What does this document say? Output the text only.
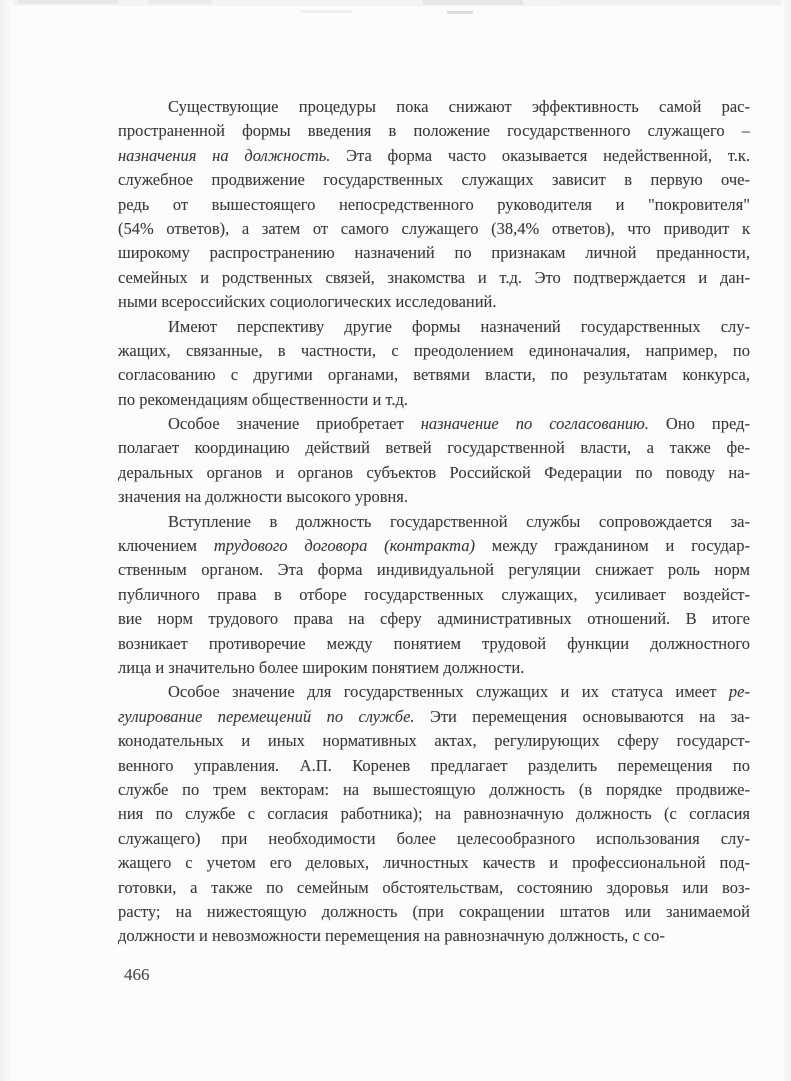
Существующие процедуры пока снижают эффективность самой рас-
пространенной формы введения в положение государственного служащего –
назначения на должность. Эта форма часто оказывается недейственной, т.к.
служебное продвижение государственных служащих зависит в первую оче-
редь от вышестоящего непосредственного руководителя и "покровителя"
(54% ответов), а затем от самого служащего (38,4% ответов), что приводит к
широкому распространению назначений по признакам личной преданности,
семейных и родственных связей, знакомства и т.д. Это подтверждается и дан-
ными всероссийских социологических исследований.
Имеют перспективу другие формы назначений государственных слу-
жащих, связанные, в частности, с преодолением единоначалия, например, по
согласованию с другими органами, ветвями власти, по результатам конкурса,
по рекомендациям общественности и т.д.
Особое значение приобретает назначение по согласованию. Оно пред-
полагает координацию действий ветвей государственной власти, а также фе-
деральных органов и органов субъектов Российской Федерации по поводу на-
значения на должности высокого уровня.
Вступление в должность государственной службы сопровождается за-
ключением трудового договора (контракта) между гражданином и государ-
ственным органом. Эта форма индивидуальной регуляции снижает роль норм
публичного права в отборе государственных служащих, усиливает воздейст-
вие норм трудового права на сферу административных отношений. В итоге
возникает противоречие между понятием трудовой функции должностного
лица и значительно более широким понятием должности.
Особое значение для государственных служащих и их статуса имеет ре-
гулирование перемещений по службе. Эти перемещения основываются на за-
конодательных и иных нормативных актах, регулирующих сферу государст-
венного управления. А.П. Коренев предлагает разделить перемещения по
службе по трем векторам: на вышестоящую должность (в порядке продвиже-
ния по службе с согласия работника); на равнозначную должность (с согласия
служащего) при необходимости более целесообразного использования слу-
жащего с учетом его деловых, личностных качеств и профессиональной под-
готовки, а также по семейным обстоятельствам, состоянию здоровья или воз-
расту; на нижестоящую должность (при сокращении штатов или занимаемой
должности и невозможности перемещения на равнозначную должность, с со-
466
